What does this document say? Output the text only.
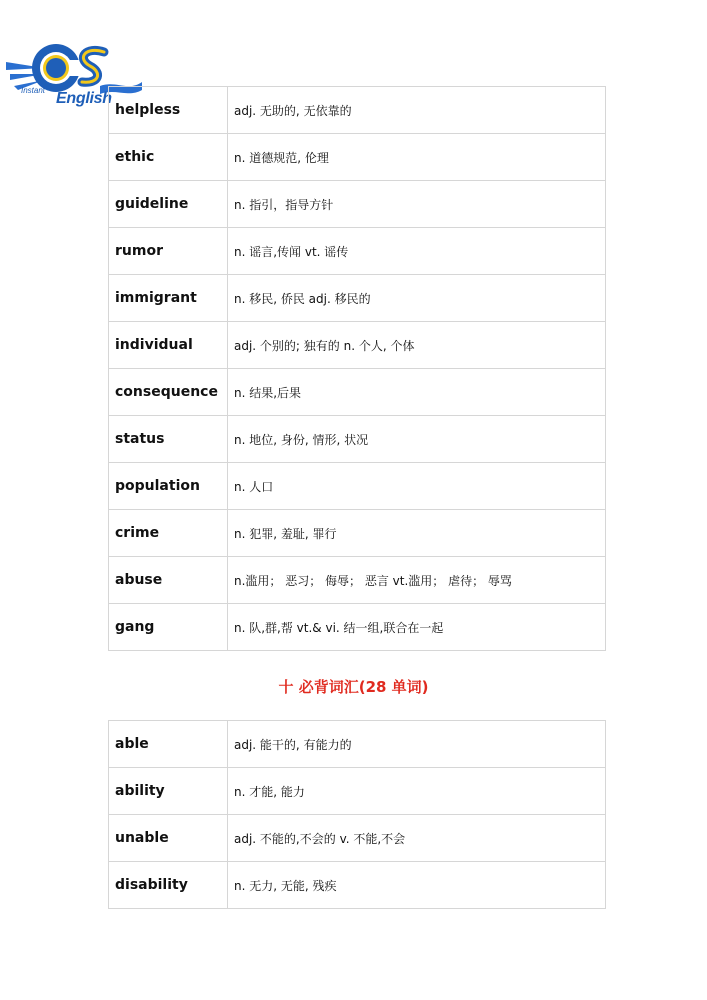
Instant English
helpless	adj. 无助的, 无依靠的
ethic	n. 道德规范, 伦理
guideline	n. 指引，指导方针
rumor	n. 谣言,传闻 vt. 谣传
immigrant	n. 移民, 侨民 adj. 移民的
individual	adj. 个别的; 独有的 n. 个人, 个体
consequence	n. 结果,后果
status	n. 地位, 身份, 情形, 状况
population	n. 人口
crime	n. 犯罪, 羞耻, 罪行
abuse	n.滥用； 恶习； 侮辱； 恶言 vt.滥用； 虐待； 辱骂
gang	n. 队,群,帮 vt.& vi. 结一组,联合在一起
十 必背词汇(28 单词)
able	adj. 能干的, 有能力的
ability	n. 才能, 能力
unable	adj. 不能的,不会的 v. 不能,不会
disability	n. 无力, 无能, 残疾
